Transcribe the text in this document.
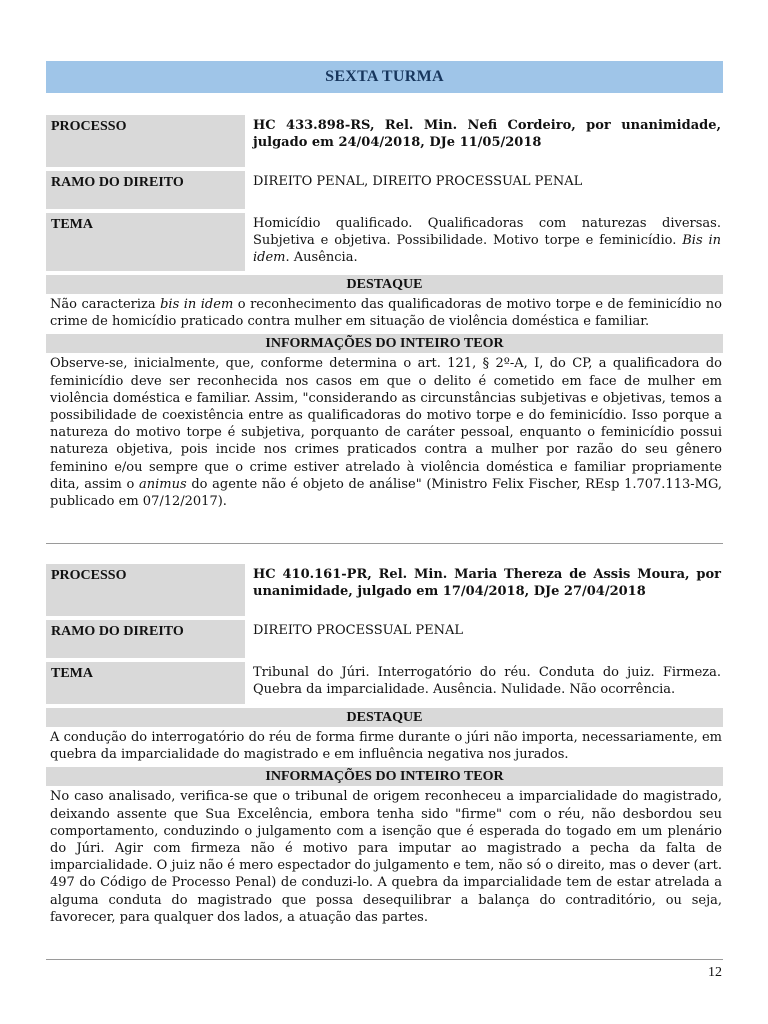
SEXTA TURMA
PROCESSO	HC 433.898-RS, Rel. Min. Nefi Cordeiro, por unanimidade, julgado em 24/04/2018, DJe 11/05/2018
RAMO DO DIREITO	DIREITO PENAL, DIREITO PROCESSUAL PENAL
TEMA	Homicídio qualificado. Qualificadoras com naturezas diversas. Subjetiva e objetiva. Possibilidade. Motivo torpe e feminicídio. Bis in idem. Ausência.
DESTAQUE
Não caracteriza bis in idem o reconhecimento das qualificadoras de motivo torpe e de feminicídio no crime de homicídio praticado contra mulher em situação de violência doméstica e familiar.
INFORMAÇÕES DO INTEIRO TEOR
Observe-se, inicialmente, que, conforme determina o art. 121, § 2º-A, I, do CP, a qualificadora do feminicídio deve ser reconhecida nos casos em que o delito é cometido em face de mulher em violência doméstica e familiar. Assim, "considerando as circunstâncias subjetivas e objetivas, temos a possibilidade de coexistência entre as qualificadoras do motivo torpe e do feminicídio. Isso porque a natureza do motivo torpe é subjetiva, porquanto de caráter pessoal, enquanto o feminicídio possui natureza objetiva, pois incide nos crimes praticados contra a mulher por razão do seu gênero feminino e/ou sempre que o crime estiver atrelado à violência doméstica e familiar propriamente dita, assim o animus do agente não é objeto de análise" (Ministro Felix Fischer, REsp 1.707.113-MG, publicado em 07/12/2017).
PROCESSO	HC 410.161-PR, Rel. Min. Maria Thereza de Assis Moura, por unanimidade, julgado em 17/04/2018, DJe 27/04/2018
RAMO DO DIREITO	DIREITO PROCESSUAL PENAL
TEMA	Tribunal do Júri. Interrogatório do réu. Conduta do juiz. Firmeza. Quebra da imparcialidade. Ausência. Nulidade. Não ocorrência.
DESTAQUE
A condução do interrogatório do réu de forma firme durante o júri não importa, necessariamente, em quebra da imparcialidade do magistrado e em influência negativa nos jurados.
INFORMAÇÕES DO INTEIRO TEOR
No caso analisado, verifica-se que o tribunal de origem reconheceu a imparcialidade do magistrado, deixando assente que Sua Excelência, embora tenha sido "firme" com o réu, não desbordou seu comportamento, conduzindo o julgamento com a isenção que é esperada do togado em um plenário do Júri. Agir com firmeza não é motivo para imputar ao magistrado a pecha da falta de imparcialidade. O juiz não é mero espectador do julgamento e tem, não só o direito, mas o dever (art. 497 do Código de Processo Penal) de conduzi-lo. A quebra da imparcialidade tem de estar atrelada a alguma conduta do magistrado que possa desequilibrar a balança do contraditório, ou seja, favorecer, para qualquer dos lados, a atuação das partes.
12
